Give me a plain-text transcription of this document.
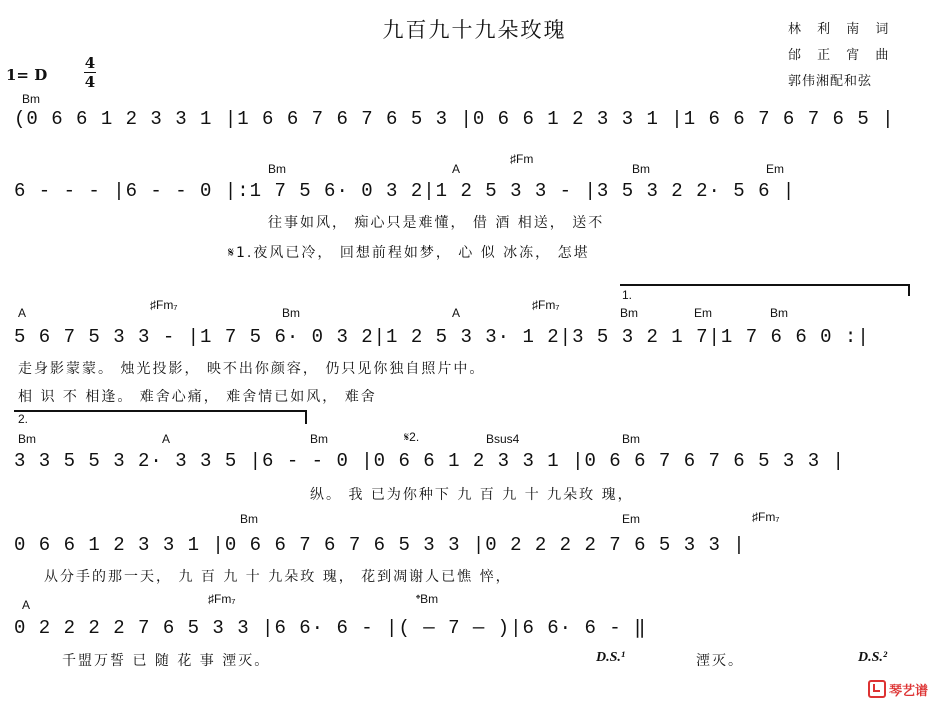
九百九十九朵玫瑰	林 利 南 词
邰 正 宵 曲
郭伟湘配和弦
1= D
4
4
Bm
(0 6 6 1 2 3 3 1 |1 6 6 7 6 7 6 5 3 |0 6 6 1 2 3 3 1 |1 6 6 7 6 7 6 5 |
Bm	A
♯Fm
Bm	Em
6 - - - |6 - - 0 |:1 7 5 6· 0 3 2|1 2 5 3 3 - |3 5 3 2 2· 5 6 |
往事如风， 痴心只是难懂， 借 酒 相送， 送不
𝄋1.夜风已冷， 回想前程如梦， 心 似 冰冻， 怎堪
1.
A
♯Fm₇
Bm	A
♯Fm₇
Bm	Em	Bm
5 6 7 5 3 3 - |1 7 5 6· 0 3 2|1 2 5 3 3· 1 2|3 5 3 2 1 7|1 7 6 6 0 :|
走身影蒙蒙。 烛光投影， 映不出你颜容， 仍只见你独自照片中。
相 识 不 相逢。 难舍心痛， 难舍情已如风， 难舍
2.
Bm	A	Bm	𝄋2.	Bsus4	Bm
3 3 5 5 3 2· 3 3 5 |6 - - 0 |0 6 6 1 2 3 3 1 |0 6 6 7 6 7 6 5 3 3 |
纵。 我 已为你种下 九 百 九 十 九朵玫 瑰，
Bm	Em	♯Fm₇
0 6 6 1 2 3 3 1 |0 6 6 7 6 7 6 5 3 3 |0 2 2 2 2 7 6 5 3 3 |
从分手的那一天， 九 百 九 十 九朵玫 瑰， 花到凋谢人已憔 悴，
A	♯Fm₇	𝄌Bm
0 2 2 2 2 7 6 5 3 3 |6 6· 6 - |( — 7 — )|6 6· 6 - ‖
千盟万誓 已 随 花 事 湮灭。	D.S.¹	湮灭。	D.S.²
琴艺谱
